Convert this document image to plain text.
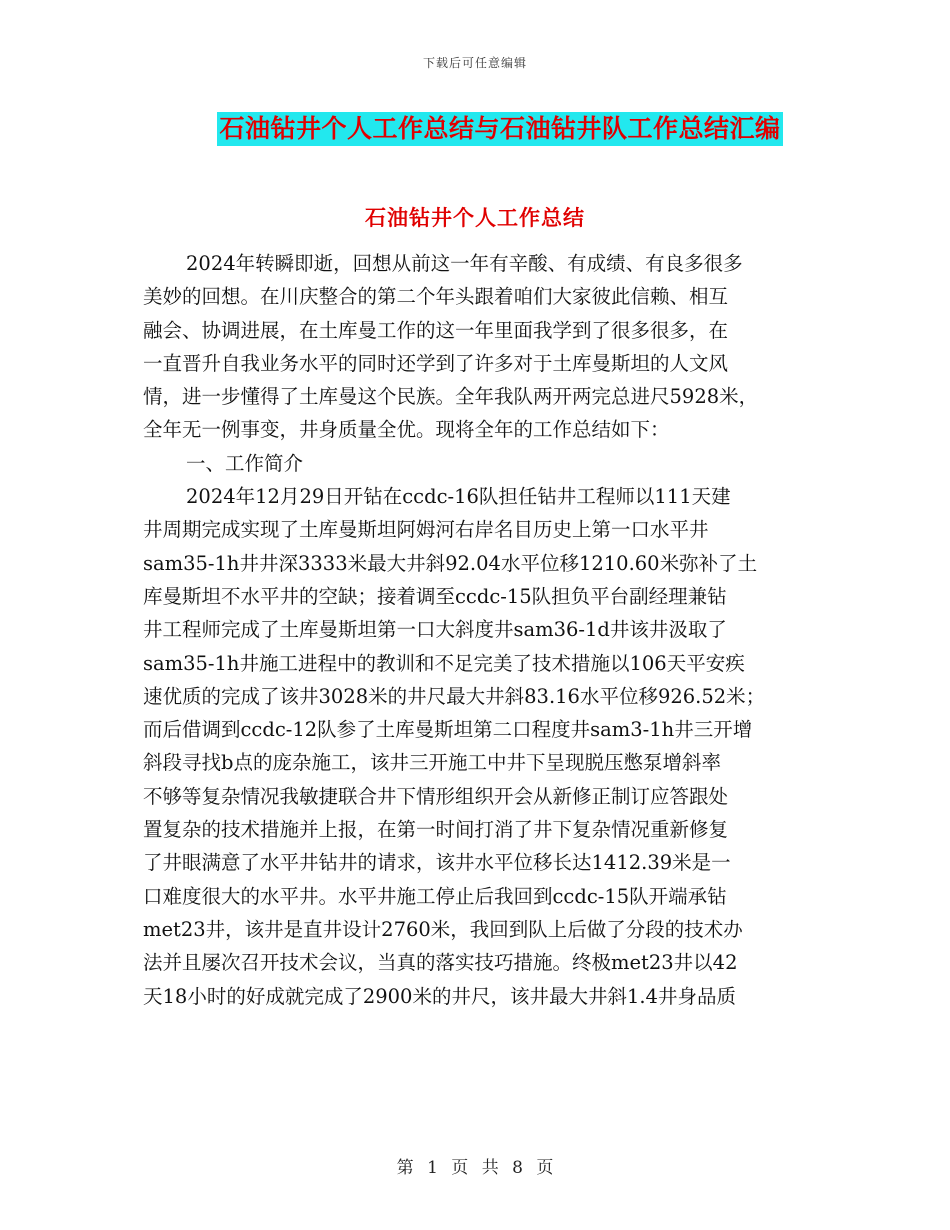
下载后可任意编辑
石油钻井个人工作总结与石油钻井队工作总结汇编
石油钻井个人工作总结
2024年转瞬即逝，回想从前这一年有辛酸、有成绩、有良多很多
美妙的回想。在川庆整合的第二个年头跟着咱们大家彼此信赖、相互
融会、协调进展，在土库曼工作的这一年里面我学到了很多很多，在
一直晋升自我业务水平的同时还学到了许多对于土库曼斯坦的人文风
情，进一步懂得了土库曼这个民族。全年我队两开两完总进尺5928米，
全年无一例事变，井身质量全优。现将全年的工作总结如下：
一、工作简介
2024年12月29日开钻在ccdc-16队担任钻井工程师以111天建
井周期完成实现了土库曼斯坦阿姆河右岸名目历史上第一口水平井
sam35-1h井井深3333米最大井斜92.04水平位移1210.60米弥补了土
库曼斯坦不水平井的空缺；接着调至ccdc-15队担负平台副经理兼钻
井工程师完成了土库曼斯坦第一口大斜度井sam36-1d井该井汲取了
sam35-1h井施工进程中的教训和不足完美了技术措施以106天平安疾
速优质的完成了该井3028米的井尺最大井斜83.16水平位移926.52米；
而后借调到ccdc-12队参了土库曼斯坦第二口程度井sam3-1h井三开增
斜段寻找b点的庞杂施工，该井三开施工中井下呈现脱压憋泵增斜率
不够等复杂情况我敏捷联合井下情形组织开会从新修正制订应答跟处
置复杂的技术措施并上报，在第一时间打消了井下复杂情况重新修复
了井眼满意了水平井钻井的请求，该井水平位移长达1412.39米是一
口难度很大的水平井。水平井施工停止后我回到ccdc-15队开端承钻
met23井，该井是直井设计2760米，我回到队上后做了分段的技术办
法并且屡次召开技术会议，当真的落实技巧措施。终极met23井以42
天18小时的好成就完成了2900米的井尺，该井最大井斜1.4井身品质
第 1 页 共 8 页
